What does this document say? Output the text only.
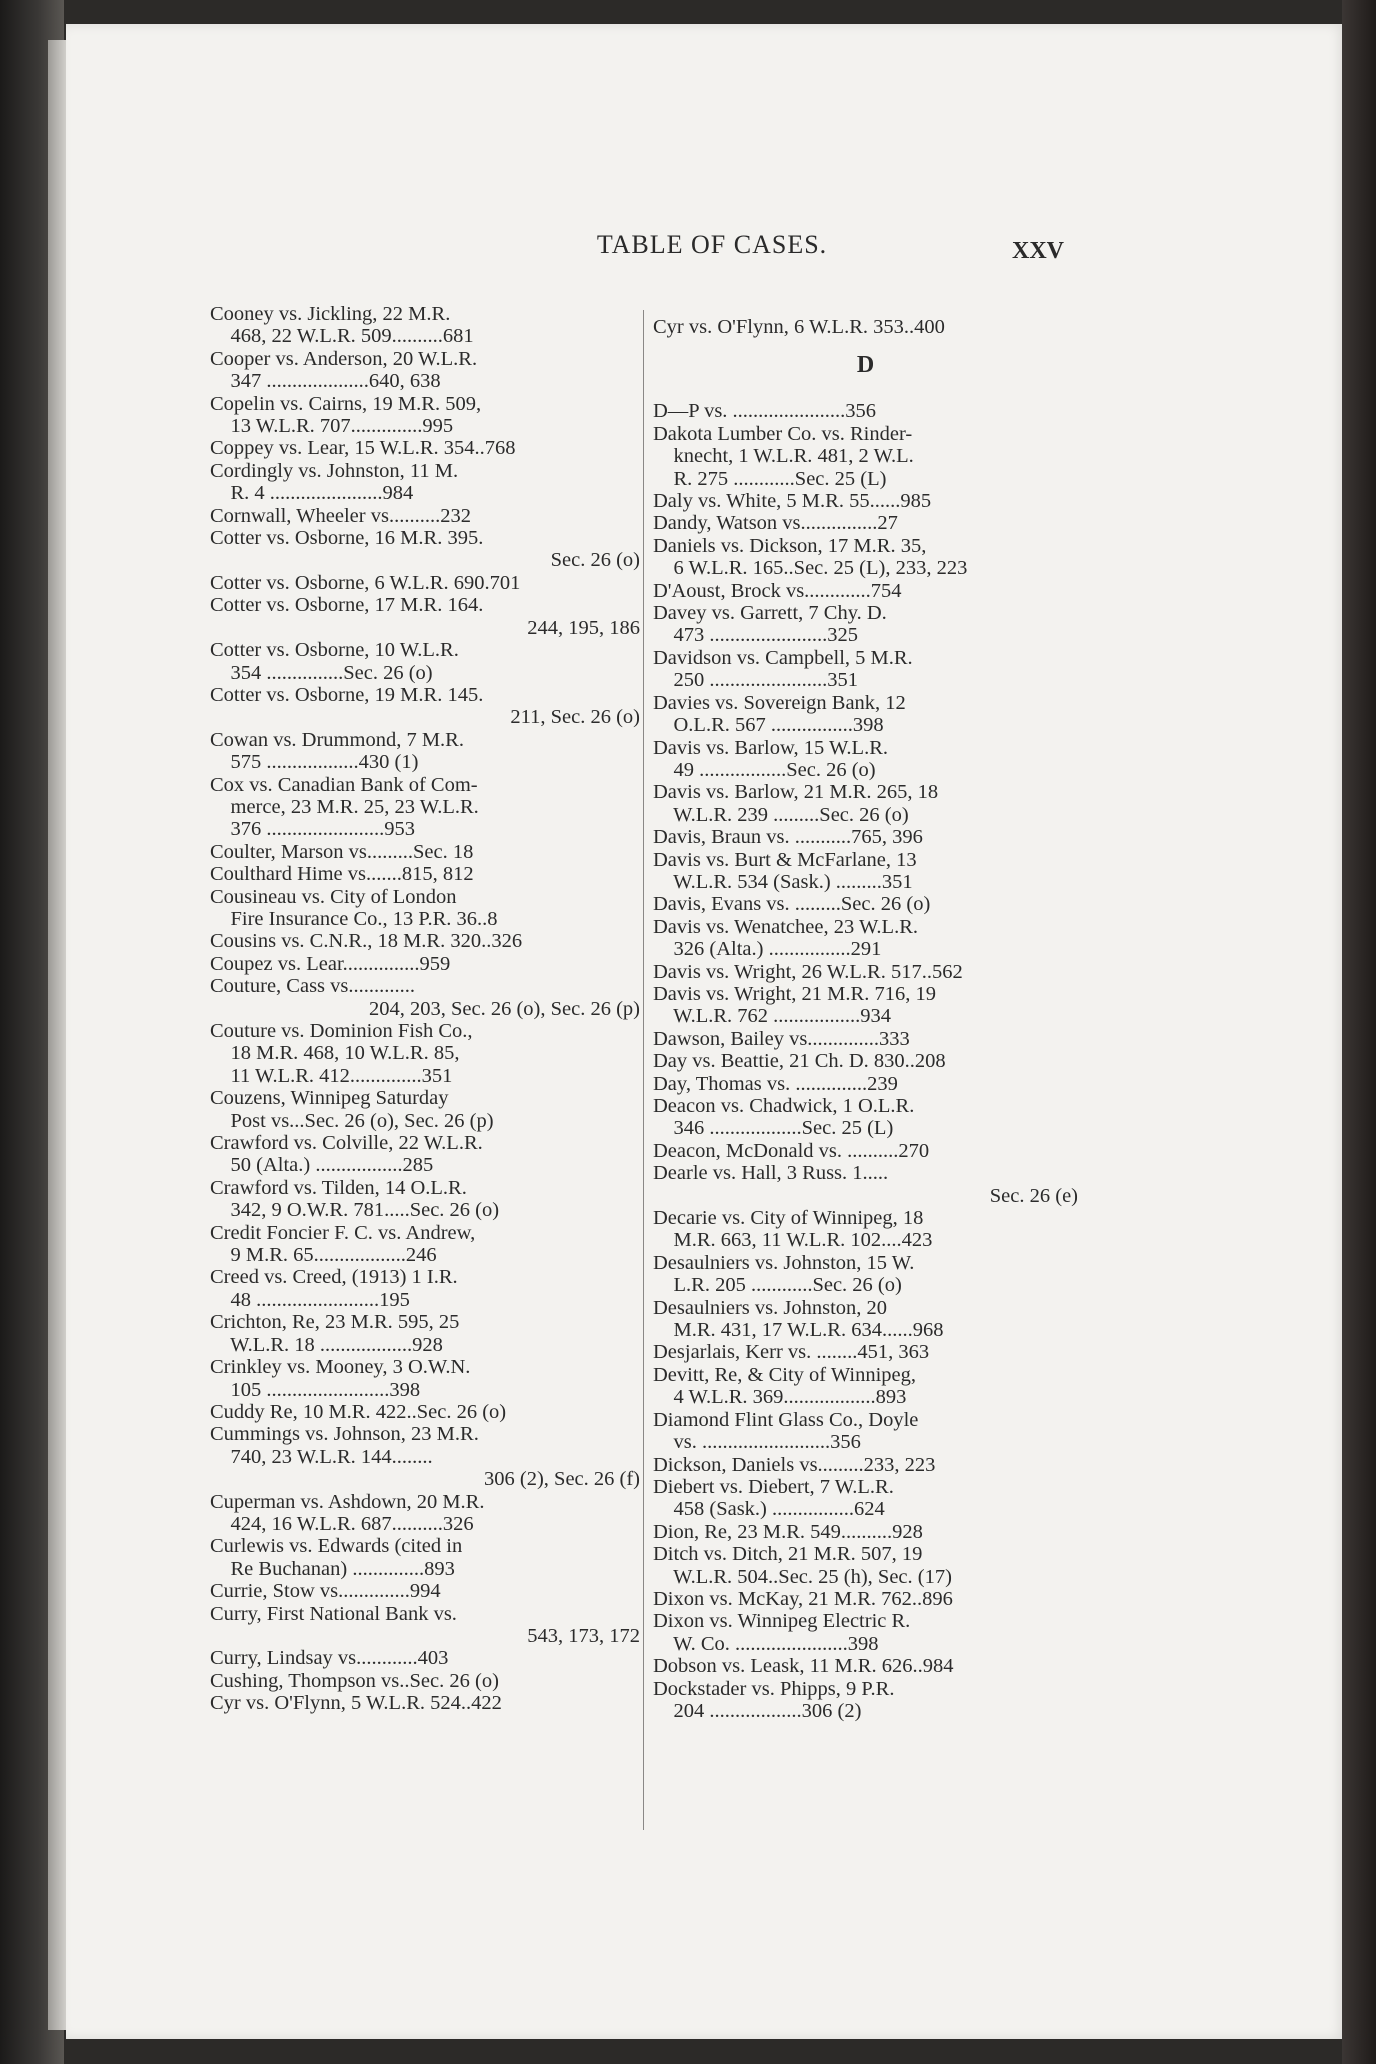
TABLE OF CASES.	XXV
Cooney vs. Jickling, 22 M.R.
468, 22 W.L.R. 509..........681
Cooper vs. Anderson, 20 W.L.R.
347 ....................640, 638
Copelin vs. Cairns, 19 M.R. 509,
13 W.L.R. 707..............995
Coppey vs. Lear, 15 W.L.R. 354..768
Cordingly vs. Johnston, 11 M.
R. 4 ......................984
Cornwall, Wheeler vs..........232
Cotter vs. Osborne, 16 M.R. 395.
Sec. 26 (o)
Cotter vs. Osborne, 6 W.L.R. 690.701
Cotter vs. Osborne, 17 M.R. 164.
244, 195, 186
Cotter vs. Osborne, 10 W.L.R.
354 ...............Sec. 26 (o)
Cotter vs. Osborne, 19 M.R. 145.
211, Sec. 26 (o)
Cowan vs. Drummond, 7 M.R.
575 ..................430 (1)
Cox vs. Canadian Bank of Com-
merce, 23 M.R. 25, 23 W.L.R.
376 .......................953
Coulter, Marson vs.........Sec. 18
Coulthard Hime vs.......815, 812
Cousineau vs. City of London
Fire Insurance Co., 13 P.R. 36..8
Cousins vs. C.N.R., 18 M.R. 320..326
Coupez vs. Lear...............959
Couture, Cass vs.............
204, 203, Sec. 26 (o), Sec. 26 (p)
Couture vs. Dominion Fish Co.,
18 M.R. 468, 10 W.L.R. 85,
11 W.L.R. 412..............351
Couzens, Winnipeg Saturday
Post vs...Sec. 26 (o), Sec. 26 (p)
Crawford vs. Colville, 22 W.L.R.
50 (Alta.) .................285
Crawford vs. Tilden, 14 O.L.R.
342, 9 O.W.R. 781.....Sec. 26 (o)
Credit Foncier F. C. vs. Andrew,
9 M.R. 65..................246
Creed vs. Creed, (1913) 1 I.R.
48 ........................195
Crichton, Re, 23 M.R. 595, 25
W.L.R. 18 ..................928
Crinkley vs. Mooney, 3 O.W.N.
105 ........................398
Cuddy Re, 10 M.R. 422..Sec. 26 (o)
Cummings vs. Johnson, 23 M.R.
740, 23 W.L.R. 144........
306 (2), Sec. 26 (f)
Cuperman vs. Ashdown, 20 M.R.
424, 16 W.L.R. 687..........326
Curlewis vs. Edwards (cited in
Re Buchanan) ..............893
Currie, Stow vs..............994
Curry, First National Bank vs.
543, 173, 172
Curry, Lindsay vs............403
Cushing, Thompson vs..Sec. 26 (o)
Cyr vs. O'Flynn, 5 W.L.R. 524..422
Cyr vs. O'Flynn, 6 W.L.R. 353..400
D
D—P vs. ......................356
Dakota Lumber Co. vs. Rinder-
knecht, 1 W.L.R. 481, 2 W.L.
R. 275 ............Sec. 25 (L)
Daly vs. White, 5 M.R. 55......985
Dandy, Watson vs...............27
Daniels vs. Dickson, 17 M.R. 35,
6 W.L.R. 165..Sec. 25 (L), 233, 223
D'Aoust, Brock vs.............754
Davey vs. Garrett, 7 Chy. D.
473 .......................325
Davidson vs. Campbell, 5 M.R.
250 .......................351
Davies vs. Sovereign Bank, 12
O.L.R. 567 ................398
Davis vs. Barlow, 15 W.L.R.
49 .................Sec. 26 (o)
Davis vs. Barlow, 21 M.R. 265, 18
W.L.R. 239 .........Sec. 26 (o)
Davis, Braun vs. ...........765, 396
Davis vs. Burt & McFarlane, 13
W.L.R. 534 (Sask.) .........351
Davis, Evans vs. .........Sec. 26 (o)
Davis vs. Wenatchee, 23 W.L.R.
326 (Alta.) ................291
Davis vs. Wright, 26 W.L.R. 517..562
Davis vs. Wright, 21 M.R. 716, 19
W.L.R. 762 .................934
Dawson, Bailey vs..............333
Day vs. Beattie, 21 Ch. D. 830..208
Day, Thomas vs. ..............239
Deacon vs. Chadwick, 1 O.L.R.
346 ..................Sec. 25 (L)
Deacon, McDonald vs. ..........270
Dearle vs. Hall, 3 Russ. 1.....
Sec. 26 (e)
Decarie vs. City of Winnipeg, 18
M.R. 663, 11 W.L.R. 102....423
Desaulniers vs. Johnston, 15 W.
L.R. 205 ............Sec. 26 (o)
Desaulniers vs. Johnston, 20
M.R. 431, 17 W.L.R. 634......968
Desjarlais, Kerr vs. ........451, 363
Devitt, Re, & City of Winnipeg,
4 W.L.R. 369..................893
Diamond Flint Glass Co., Doyle
vs. .........................356
Dickson, Daniels vs.........233, 223
Diebert vs. Diebert, 7 W.L.R.
458 (Sask.) ................624
Dion, Re, 23 M.R. 549..........928
Ditch vs. Ditch, 21 M.R. 507, 19
W.L.R. 504..Sec. 25 (h), Sec. (17)
Dixon vs. McKay, 21 M.R. 762..896
Dixon vs. Winnipeg Electric R.
W. Co. ......................398
Dobson vs. Leask, 11 M.R. 626..984
Dockstader vs. Phipps, 9 P.R.
204 ..................306 (2)
